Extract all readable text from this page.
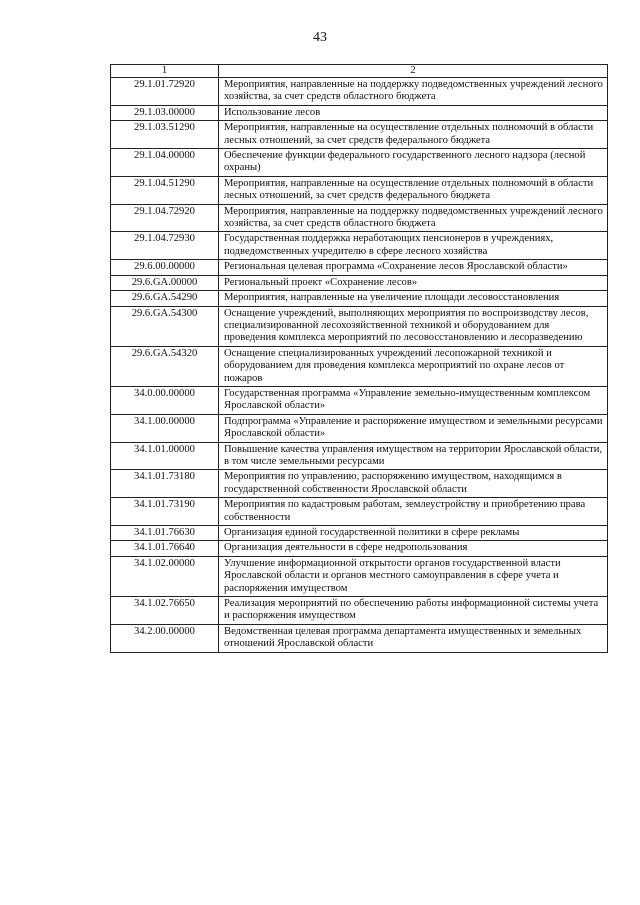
43
1	2
29.1.01.72920	Мероприятия, направленные на поддержку подведомственных учреждений лесного хозяйства, за счет средств областного бюджета
29.1.03.00000	Использование лесов
29.1.03.51290	Мероприятия, направленные на осуществление отдельных полномочий в области лесных отношений, за счет средств федерального бюджета
29.1.04.00000	Обеспечение функции федерального государственного лесного надзора (лесной охраны)
29.1.04.51290	Мероприятия, направленные на осуществление отдельных полномочий в области лесных отношений, за счет средств федерального бюджета
29.1.04.72920	Мероприятия, направленные на поддержку подведомственных учреждений лесного хозяйства, за счет средств областного бюджета
29.1.04.72930	Государственная поддержка неработающих пенсионеров в учреждениях, подведомственных учредителю в сфере лесного хозяйства
29.6.00.00000	Региональная целевая программа «Сохранение лесов Ярославской области»
29.6.GA.00000	Региональный проект «Сохранение лесов»
29.6.GA.54290	Мероприятия, направленные на увеличение площади лесовосстановления
29.6.GA.54300	Оснащение учреждений, выполняющих мероприятия по воспроизводству лесов, специализированной лесохозяйственной техникой и оборудованием для проведения комплекса мероприятий по лесовосстановлению и лесоразведению
29.6.GA.54320	Оснащение специализированных учреждений лесопожарной техникой и оборудованием для проведения комплекса мероприятий по охране лесов от пожаров
34.0.00.00000	Государственная программа «Управление земельно-имущественным комплексом Ярославской области»
34.1.00.00000	Подпрограмма «Управление и распоряжение имуществом и земельными ресурсами Ярославской области»
34.1.01.00000	Повышение качества управления имуществом на территории Ярославской области, в том числе земельными ресурсами
34.1.01.73180	Мероприятия по управлению, распоряжению имуществом, находящимся в государственной собственности Ярославской области
34.1.01.73190	Мероприятия по кадастровым работам, землеустройству и приобретению права собственности
34.1.01.76630	Организация единой государственной политики в сфере рекламы
34.1.01.76640	Организация деятельности в сфере недропользования
34.1.02.00000	Улучшение информационной открытости органов государственной власти Ярославской области и органов местного самоуправления в сфере учета и распоряжения имуществом
34.1.02.76650	Реализация мероприятий по обеспечению работы информационной системы учета и распоряжения имуществом
34.2.00.00000	Ведомственная целевая программа департамента имущественных и земельных отношений Ярославской области
